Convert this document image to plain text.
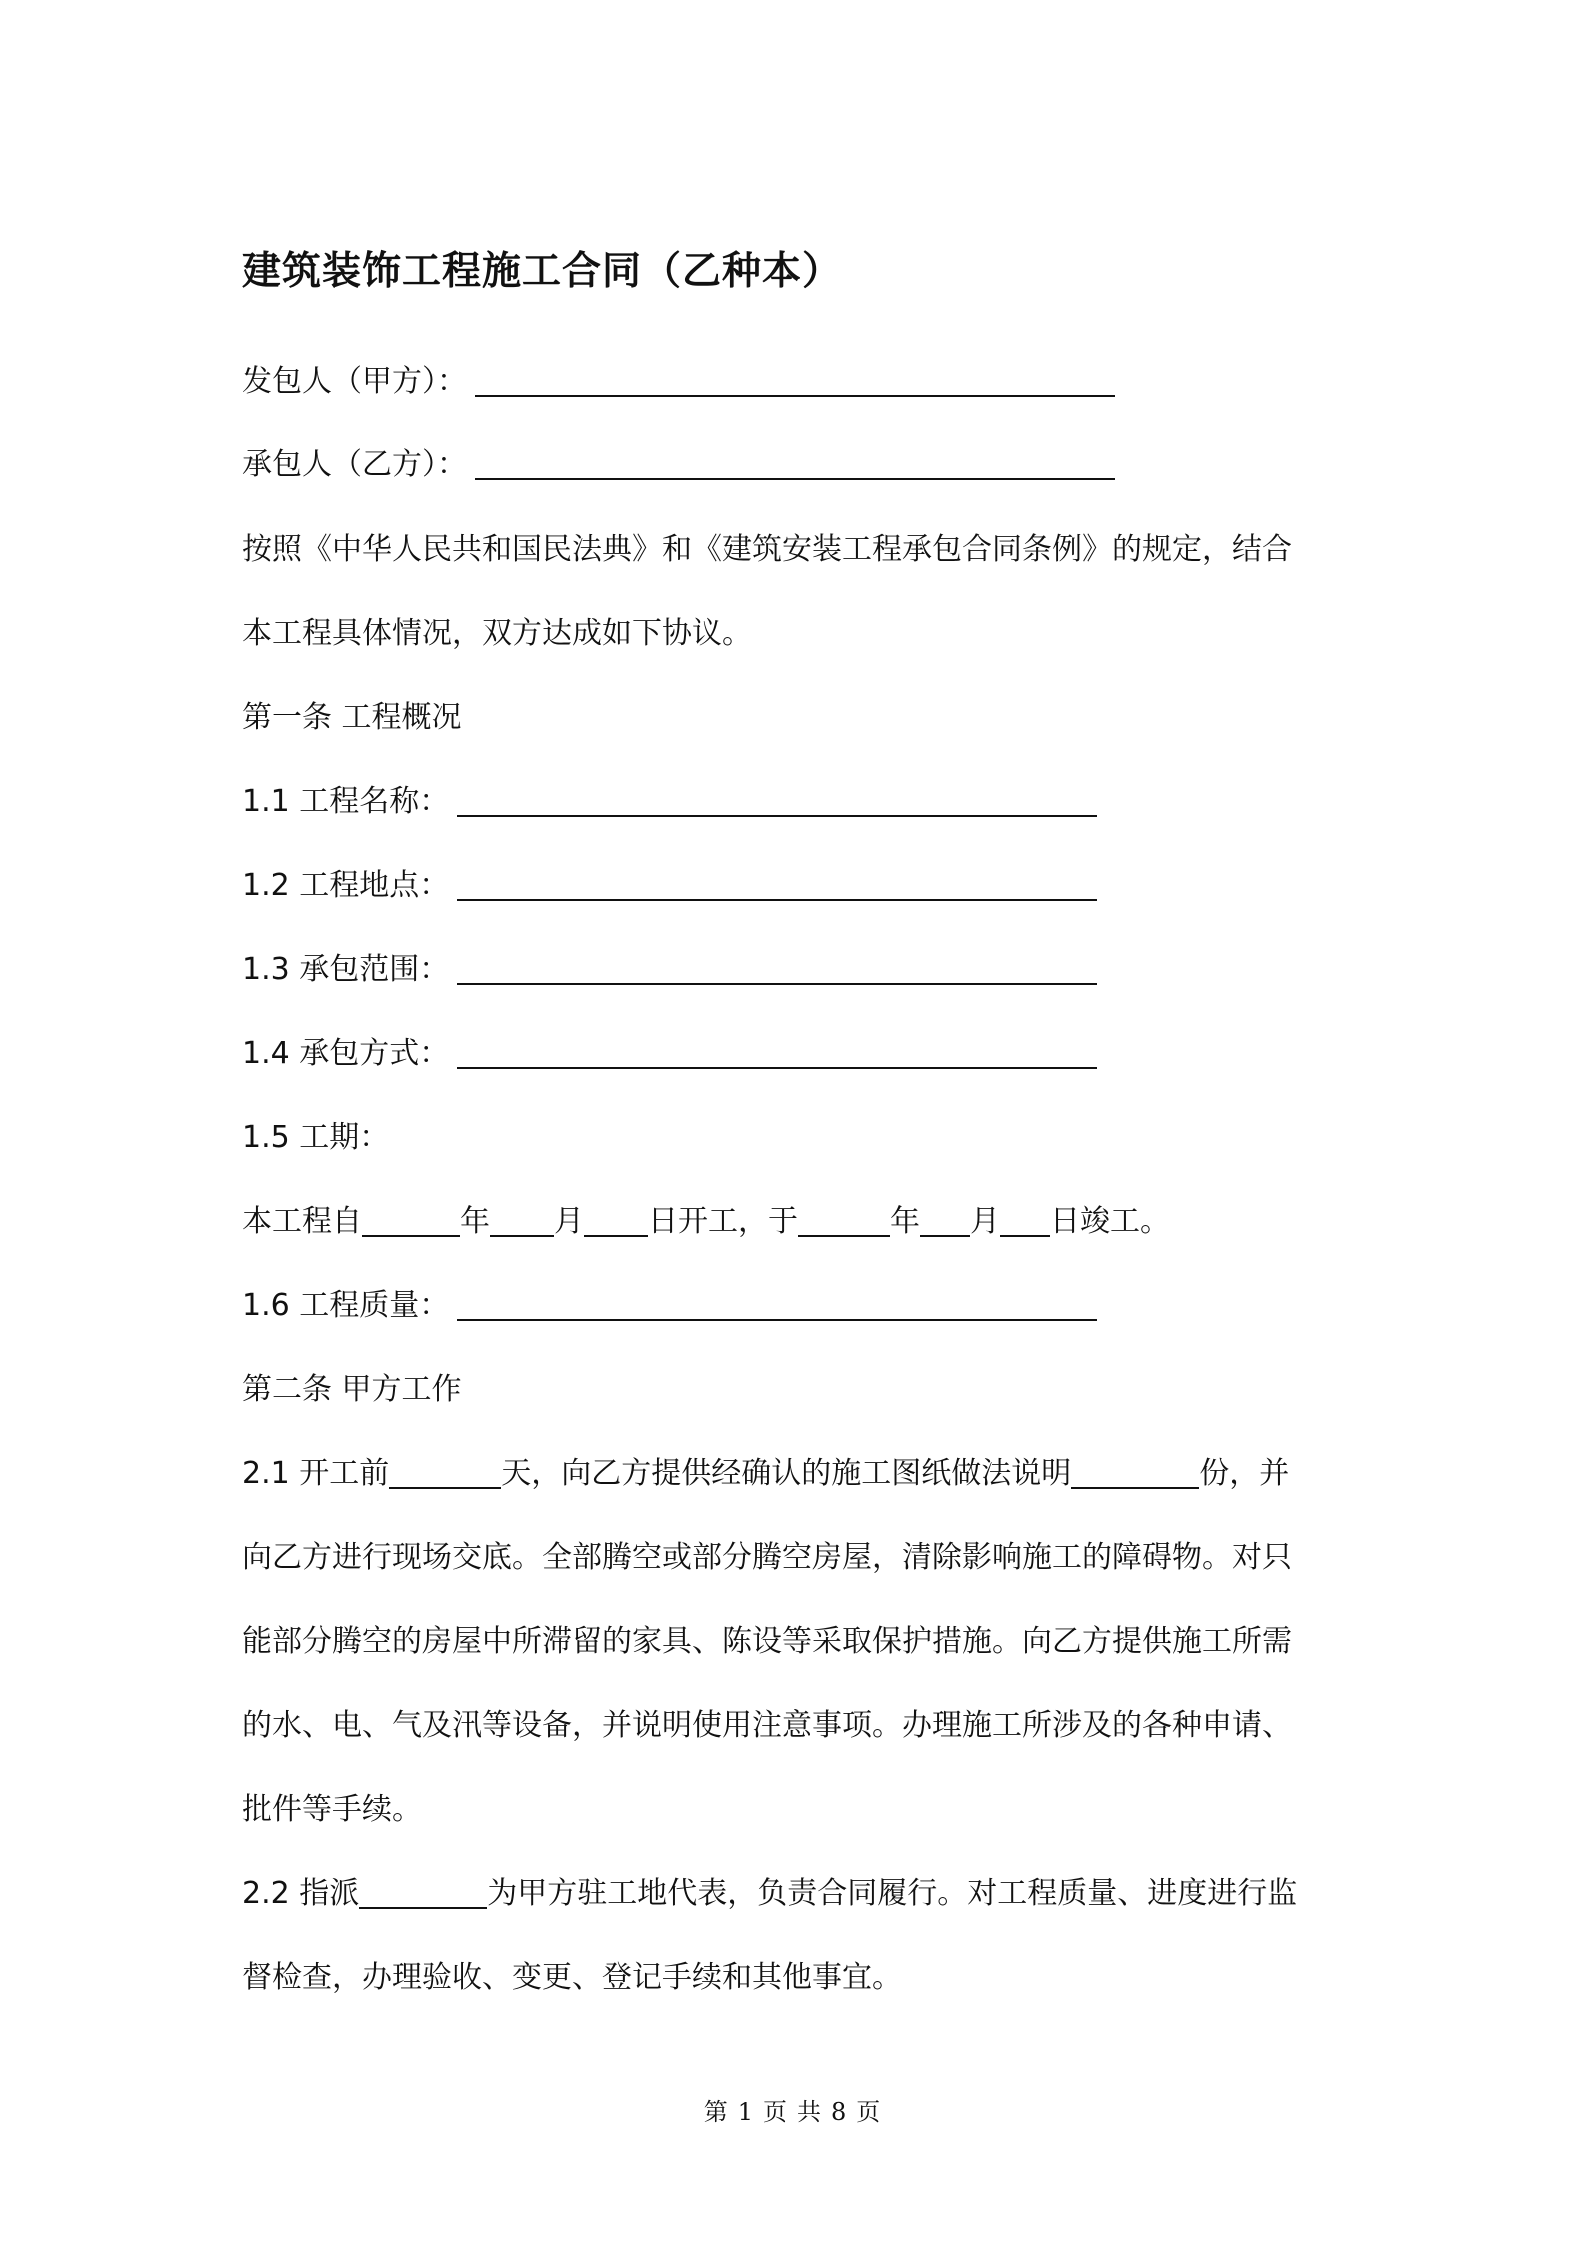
建筑装饰工程施工合同（乙种本）
发包人（甲方）：
承包人（乙方）：
按照《中华人民共和国民法典》和《建筑安装工程承包合同条例》的规定，结合
本工程具体情况，双方达成如下协议。
第一条 工程概况
1.1 工程名称：
1.2 工程地点：
1.3 承包范围：
1.4 承包方式：
1.5 工期：
本工程自	年 月 日开工，于	年 月 日竣工。
1.6 工程质量：
第二条 甲方工作
2.1 开工前	天，向乙方提供经确认的施工图纸做法说明	份，并
向乙方进行现场交底。全部腾空或部分腾空房屋，清除影响施工的障碍物。对只
能部分腾空的房屋中所滞留的家具、陈设等采取保护措施。向乙方提供施工所需
的水、电、气及汛等设备，并说明使用注意事项。办理施工所涉及的各种申请、
批件等手续。
2.2 指派	为甲方驻工地代表，负责合同履行。对工程质量、进度进行监
督检查，办理验收、变更、登记手续和其他事宜。
第 1 页 共 8 页
